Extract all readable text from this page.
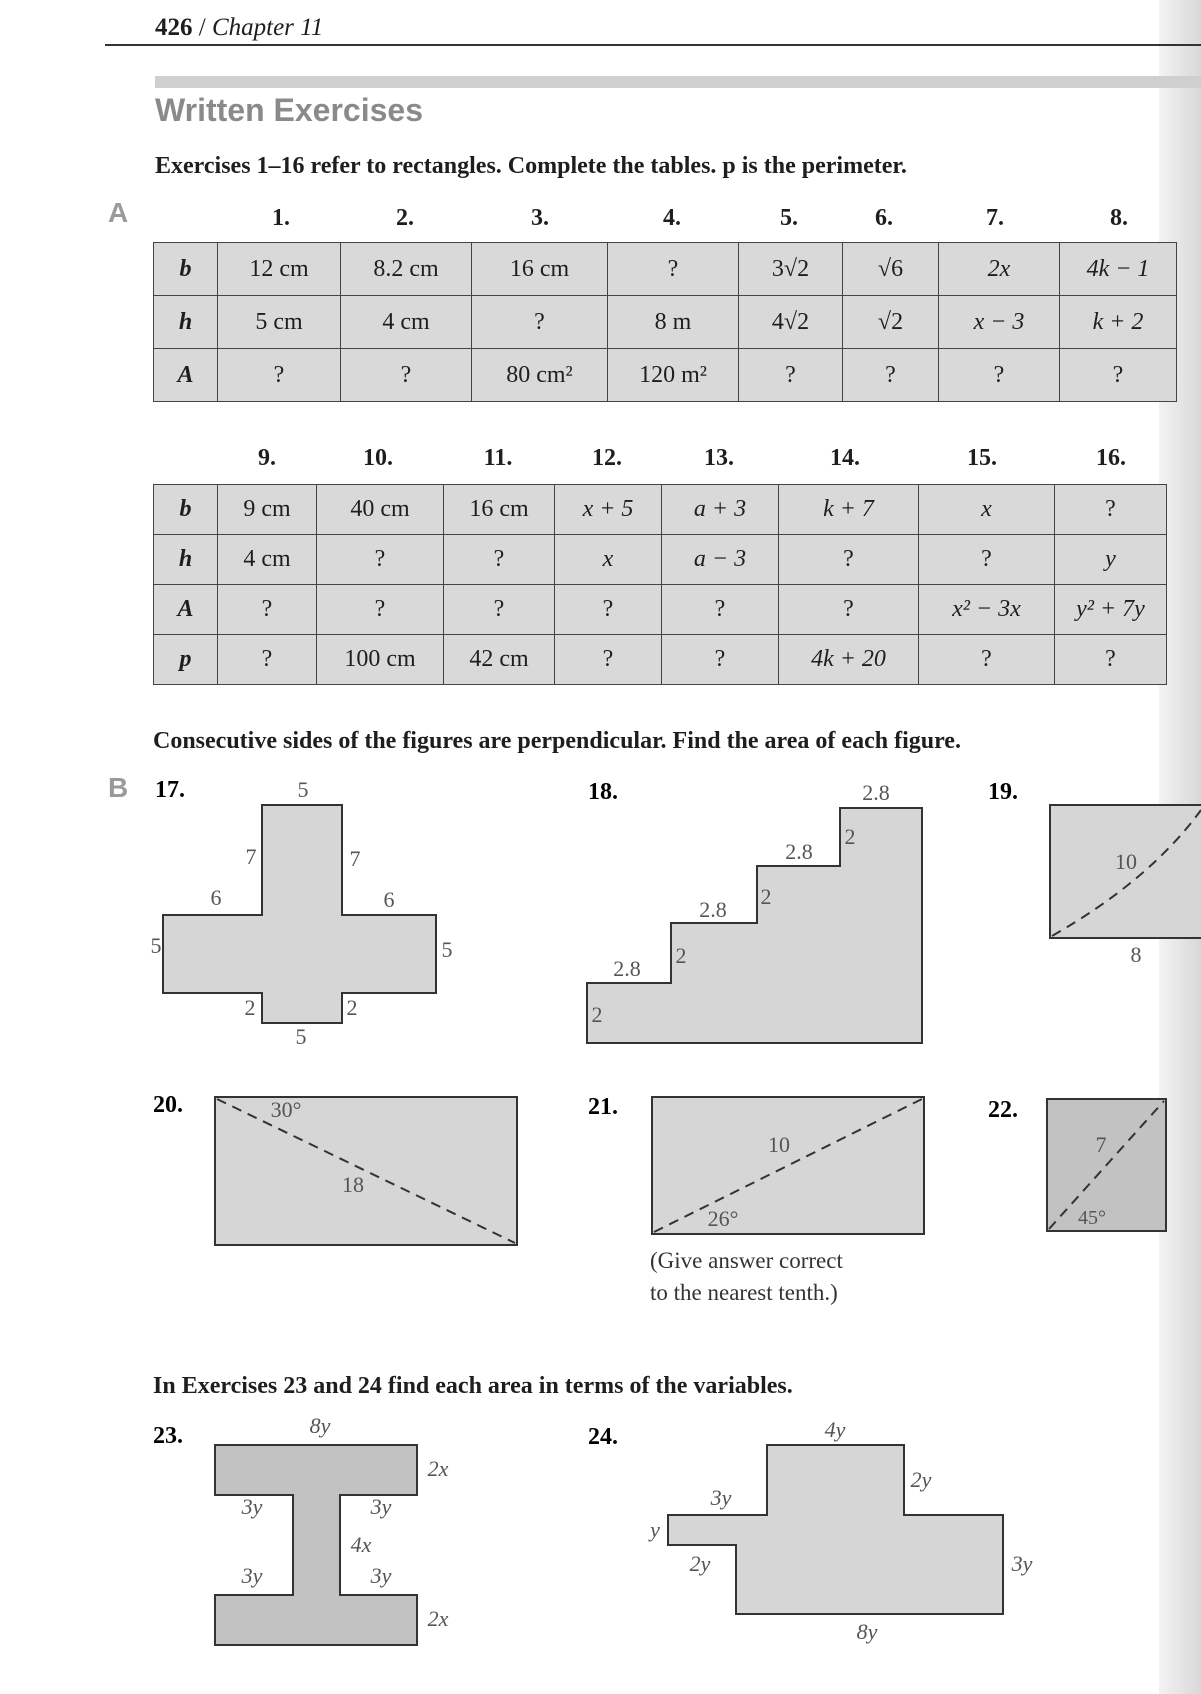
426 / Chapter 11
Written Exercises
Exercises 1–16 refer to rectangles. Complete the tables. p is the perimeter.
A	1.	2.	3.	4.	5.	6.	7.	8.
b	12 cm	8.2 cm	16 cm	?	3√2	√6	2x	4k − 1
h	5 cm	4 cm	?	8 m	4√2	√2	x − 3	k + 2
A	?	?	80 cm²	120 m²	?	?	?	?
9.	10.	11.	12.	13.	14.	15.	16.
b	9 cm	40 cm	16 cm	x + 5	a + 3	k + 7	x	?
h	4 cm	?	?	x	a − 3	?	?	y
A	?	?	?	?	?	?	x² − 3x	y² + 7y
p	?	100 cm	42 cm	?	?	4k + 20	?	?
Consecutive sides of the figures are perpendicular. Find the area of each figure.
B 17.	5
7	7
6	6
5	5
2	2
5
18.	2.8
2.8
2.8
2.8
2
2
2
2
19.
10
8
20.	30°
18
21.
10
26°
(Give answer correct
to the nearest tenth.)
22.
7
45°
In Exercises 23 and 24 find each area in terms of the variables.
23.	8y
2x
3y	3y
4x
3y	3y
2x
24.	4y
2y
3y
y
2y	3y
8y
